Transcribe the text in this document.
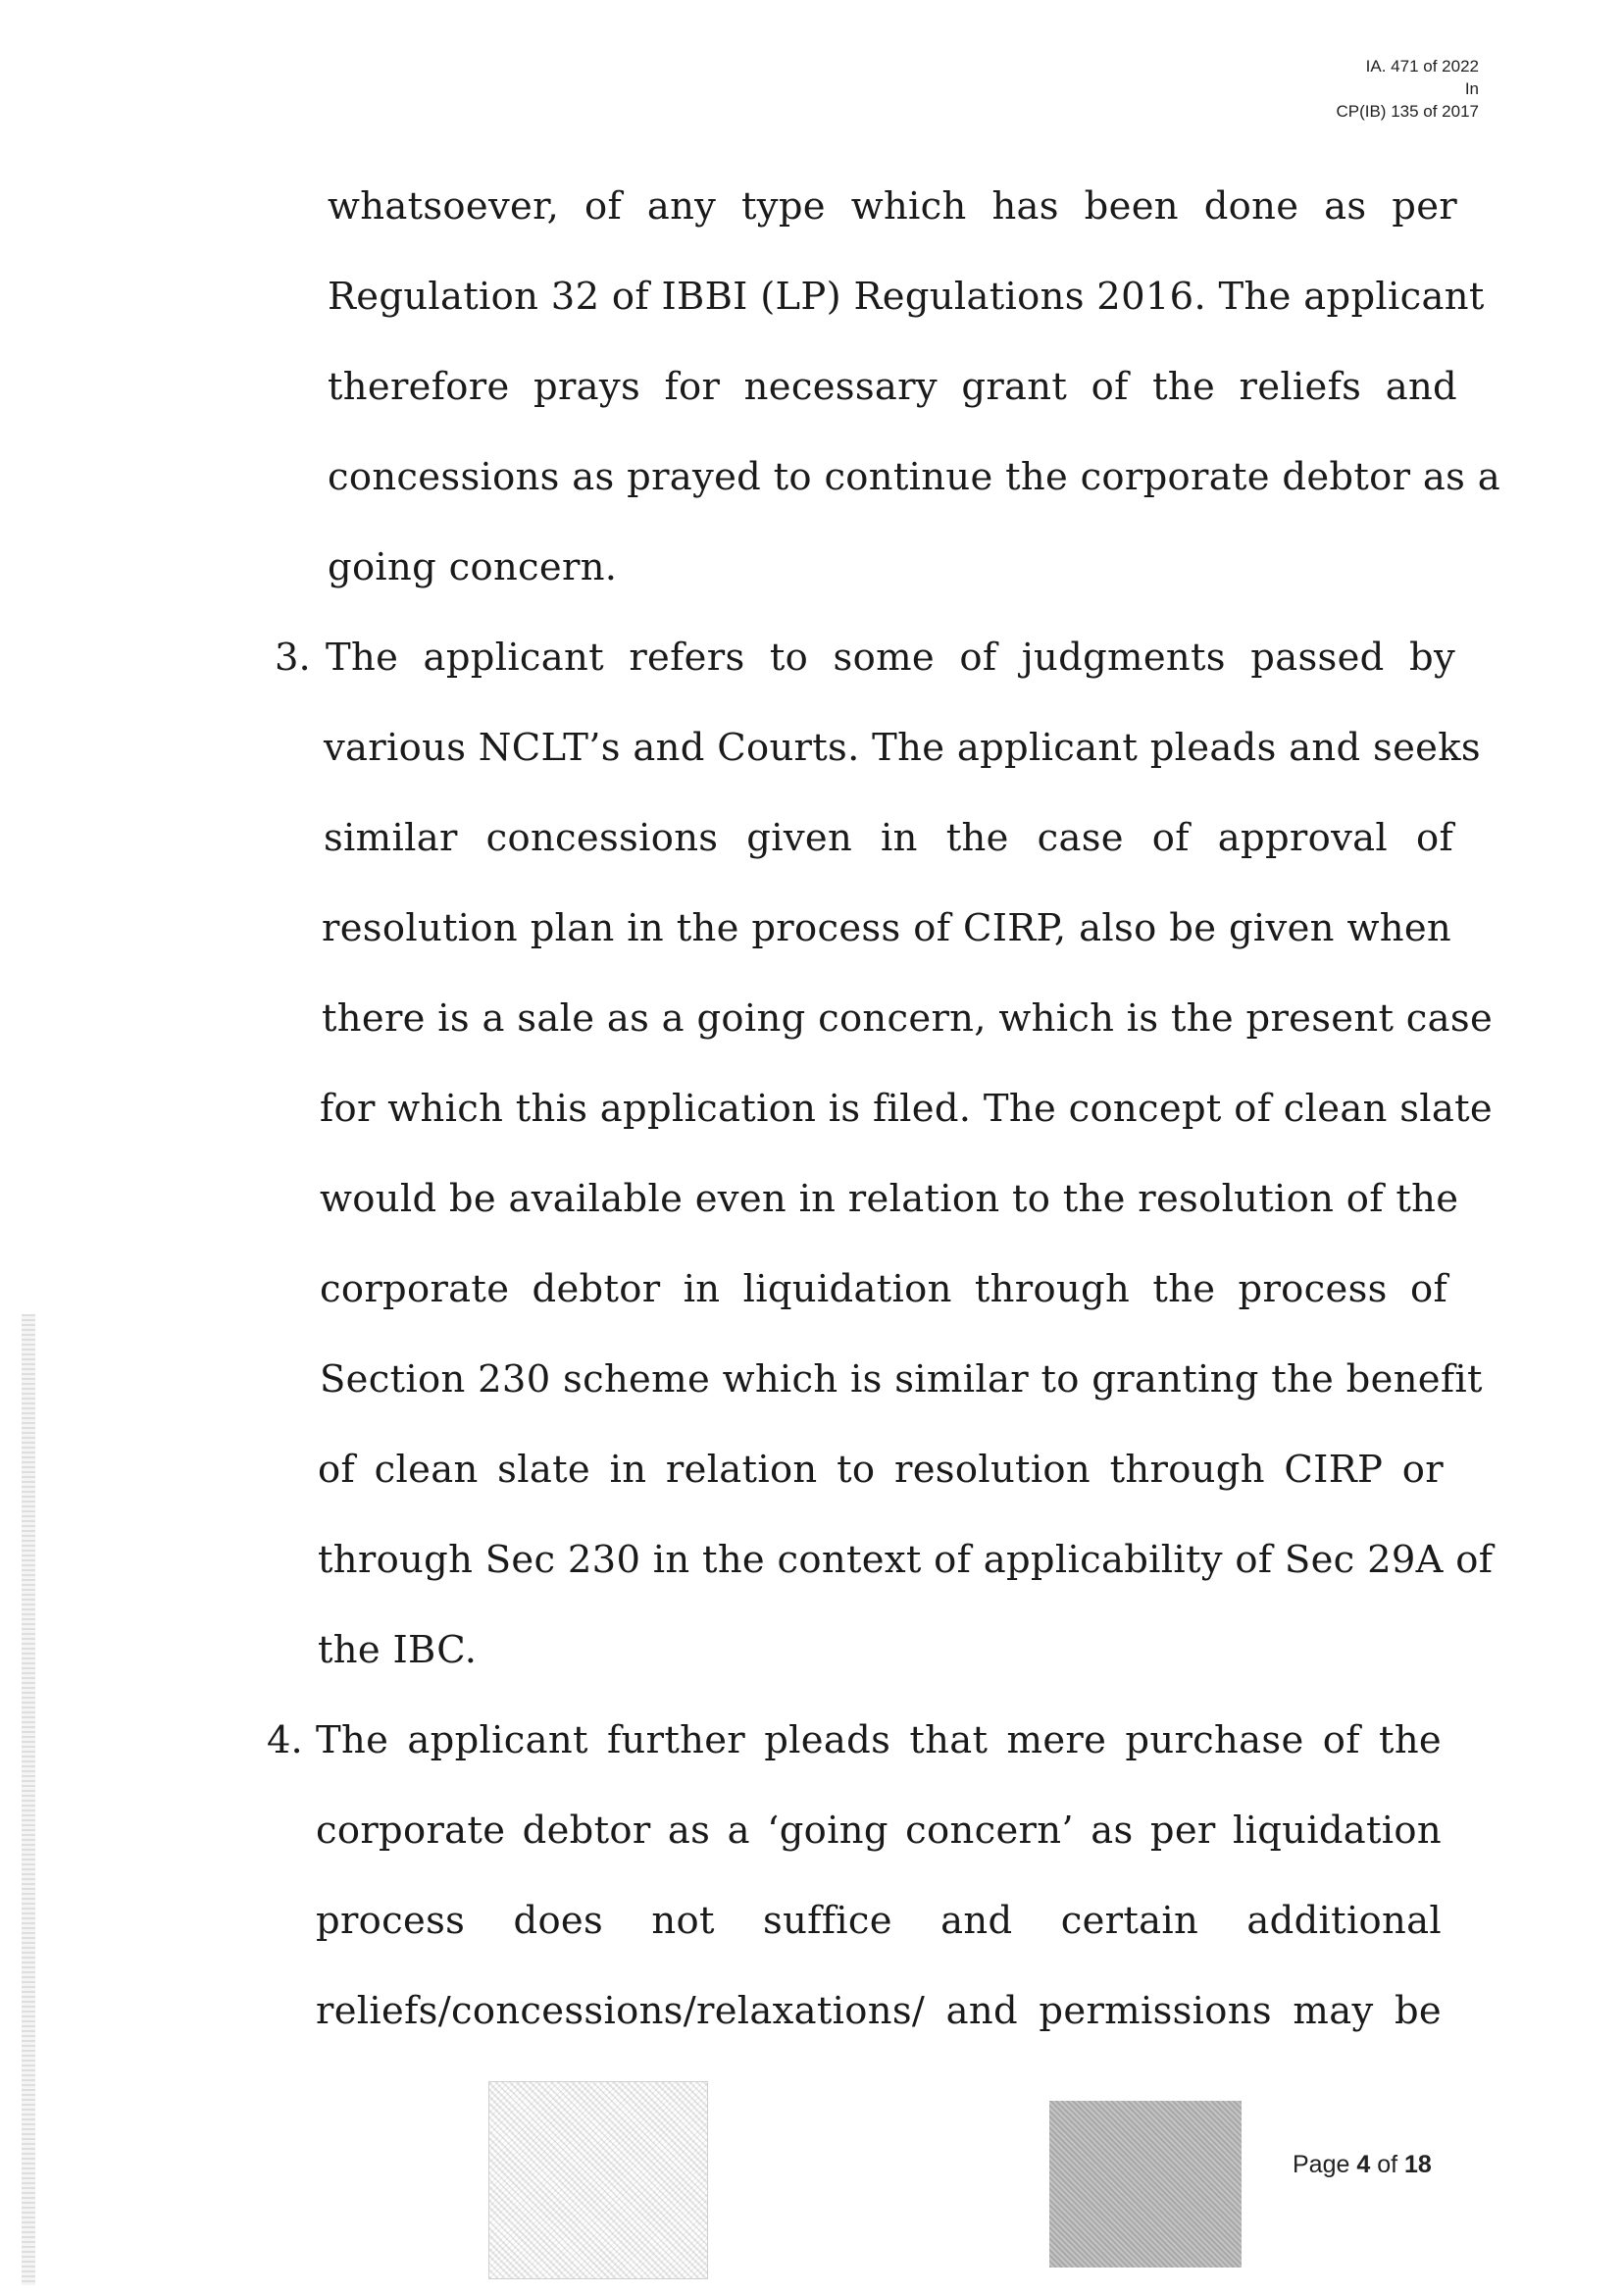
IA. 471 of 2022
In
CP(IB) 135 of 2017
whatsoever, of any type which has been done as per
Regulation 32 of IBBI (LP) Regulations 2016. The applicant
therefore prays for necessary grant of the reliefs and
concessions as prayed to continue the corporate debtor as a
going concern.
3. The applicant refers to some of judgments passed by
various NCLT’s and Courts. The applicant pleads and seeks
similar concessions given in the case of approval of
resolution plan in the process of CIRP, also be given when
there is a sale as a going concern, which is the present case
for which this application is filed. The concept of clean slate
would be available even in relation to the resolution of the
corporate debtor in liquidation through the process of
Section 230 scheme which is similar to granting the benefit
of clean slate in relation to resolution through CIRP or
through Sec 230 in the context of applicability of Sec 29A of
the IBC.
4. The applicant further pleads that mere purchase of the
corporate debtor as a ‘going concern’ as per liquidation
process does not suffice and certain additional
reliefs/concessions/relaxations/ and permissions may be
Page 4 of 18
